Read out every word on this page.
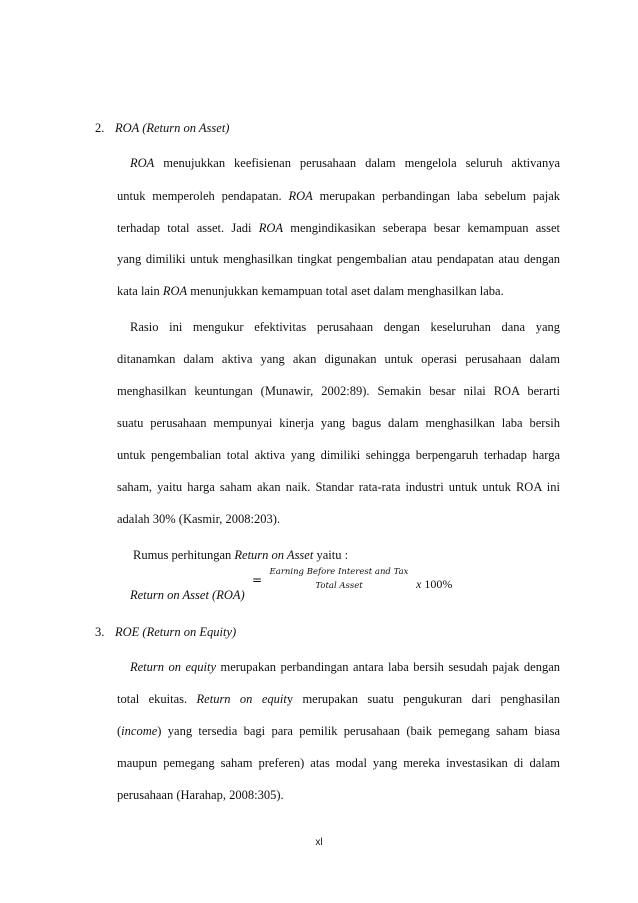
2. ROA (Return on Asset)
ROA menujukkan keefisienan perusahaan dalam mengelola seluruh aktivanya
untuk memperoleh pendapatan. ROA merupakan perbandingan laba sebelum pajak
terhadap total asset. Jadi ROA mengindikasikan seberapa besar kemampuan asset
yang dimiliki untuk menghasilkan tingkat pengembalian atau pendapatan atau dengan
kata lain ROA menunjukkan kemampuan total aset dalam menghasilkan laba.
Rasio ini mengukur efektivitas perusahaan dengan keseluruhan dana yang
ditanamkan dalam aktiva yang akan digunakan untuk operasi perusahaan dalam
menghasilkan keuntungan (Munawir, 2002:89). Semakin besar nilai ROA berarti
suatu perusahaan mempunyai kinerja yang bagus dalam menghasilkan laba bersih
untuk pengembalian total aktiva yang dimiliki sehingga berpengaruh terhadap harga
saham, yaitu harga saham akan naik. Standar rata-rata industri untuk untuk ROA ini
adalah 30% (Kasmir, 2008:203).
Rumus perhitungan Return on Asset yaitu :
Return on Asset (ROA)
=
Earning Before Interest and Tax
Total Asset	x 100%
3. ROE (Return on Equity)
Return on equity merupakan perbandingan antara laba bersih sesudah pajak dengan
total ekuitas. Return on equity merupakan suatu pengukuran dari penghasilan
(income) yang tersedia bagi para pemilik perusahaan (baik pemegang saham biasa
maupun pemegang saham preferen) atas modal yang mereka investasikan di dalam
perusahaan (Harahap, 2008:305).
xl
